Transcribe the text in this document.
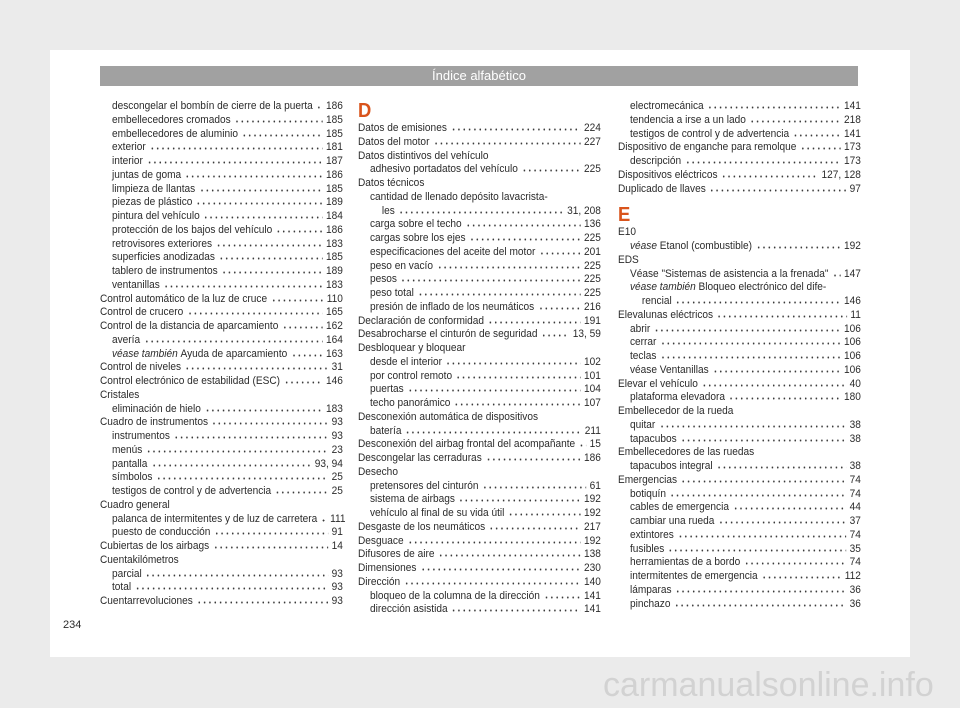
Índice alfabético
descongelar el bombín de cierre de la puerta 186
embellecedores cromados	185
embellecedores de aluminio	185
exterior	181
interior	187
juntas de goma	186
limpieza de llantas	185
piezas de plástico	189
pintura del vehículo	184
protección de los bajos del vehículo	186
retrovisores exteriores	183
superficies anodizadas	185
tablero de instrumentos	189
ventanillas	183
Control automático de la luz de cruce	110
Control de crucero	165
Control de la distancia de aparcamiento	162
avería	164
véase también Ayuda de aparcamiento	163
Control de niveles	31
Control electrónico de estabilidad (ESC)	146
Cristales
eliminación de hielo	183
Cuadro de instrumentos	93
instrumentos	93
menús	23
pantalla	93, 94
símbolos	25
testigos de control y de advertencia	25
Cuadro general
palanca de intermitentes y de luz de carretera 111
puesto de conducción	91
Cubiertas de los airbags	14
Cuentakilómetros
parcial	93
total	93
Cuentarrevoluciones	93
D
Datos de emisiones	224
Datos del motor	227
Datos distintivos del vehículo
adhesivo portadatos del vehículo	225
Datos técnicos
cantidad de llenado depósito lavacrista-
les	31, 208
carga sobre el techo	136
cargas sobre los ejes	225
especificaciones del aceite del motor	201
peso en vacío	225
pesos	225
peso total	225
presión de inflado de los neumáticos	216
Declaración de conformidad	191
Desabrocharse el cinturón de seguridad	13, 59
Desbloquear y bloquear
desde el interior	102
por control remoto	101
puertas	104
techo panorámico	107
Desconexión automática de dispositivos
batería	211
Desconexión del airbag frontal del acompañante 15
Descongelar las cerraduras	186
Desecho
pretensores del cinturón	61
sistema de airbags	192
vehículo al final de su vida útil	192
Desgaste de los neumáticos	217
Desguace	192
Difusores de aire	138
Dimensiones	230
Dirección	140
bloqueo de la columna de la dirección	141
dirección asistida	141
electromecánica	141
tendencia a irse a un lado	218
testigos de control y de advertencia	141
Dispositivo de enganche para remolque	173
descripción	173
Dispositivos eléctricos	127, 128
Duplicado de llaves	97
E
E10
véase Etanol (combustible)	192
EDS
Véase "Sistemas de asistencia a la frenada" 147
véase también Bloqueo electrónico del dife-
rencial	146
Elevalunas eléctricos	11
abrir	106
cerrar	106
teclas	106
véase Ventanillas	106
Elevar el vehículo	40
plataforma elevadora	180
Embellecedor de la rueda
quitar	38
tapacubos	38
Embellecedores de las ruedas
tapacubos integral	38
Emergencias	74
botiquín	74
cables de emergencia	44
cambiar una rueda	37
extintores	74
fusibles	35
herramientas de a bordo	74
intermitentes de emergencia	112
lámparas	36
pinchazo	36
234
carmanualsonline.info
